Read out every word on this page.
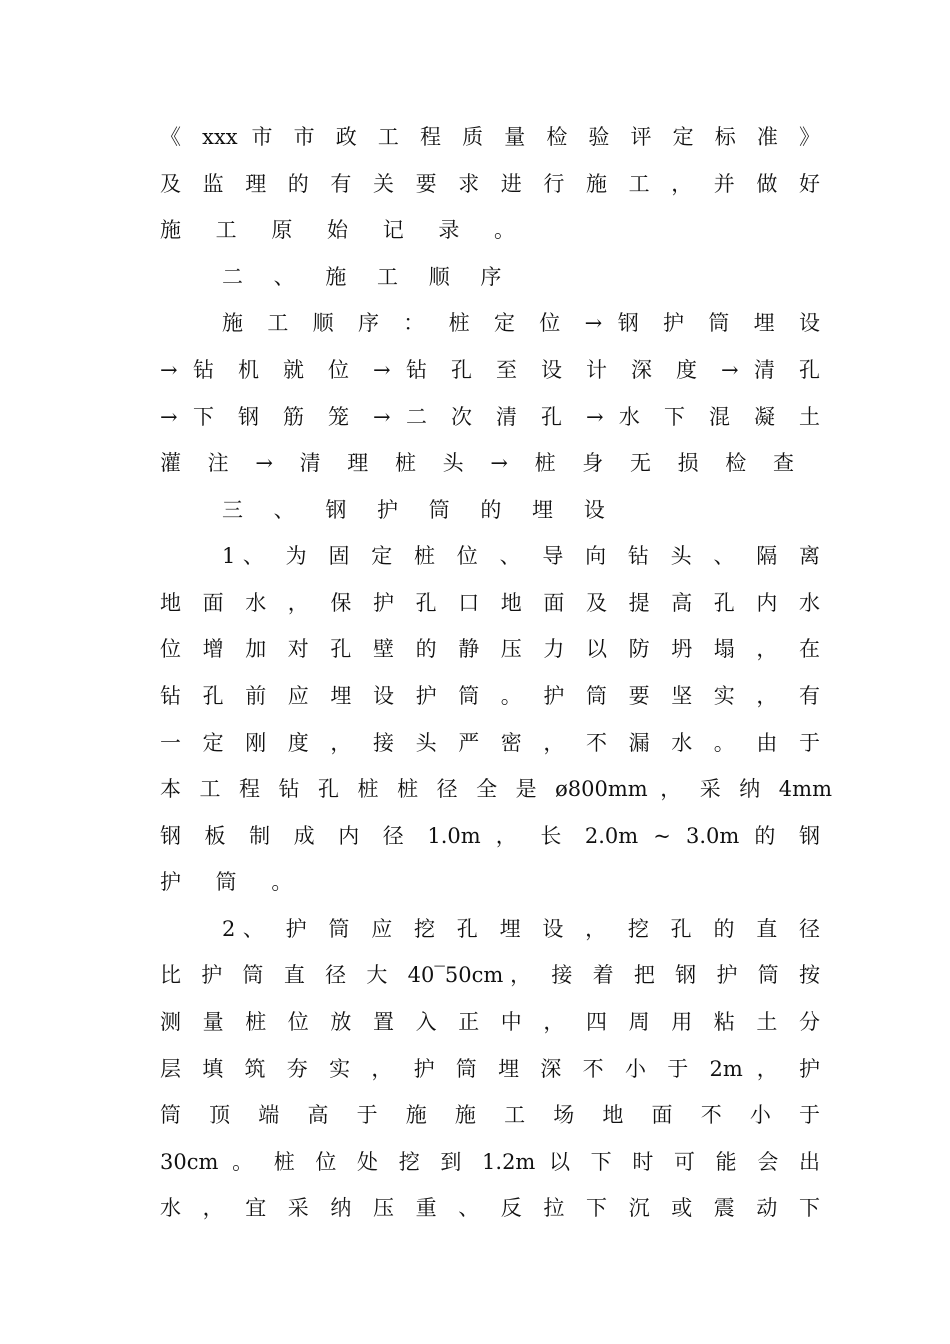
《 xxx 市 市 政 工 程 质 量 检 验 评 定 标 准 》
及 监 理 的 有 关 要 求 进 行 施 工 ， 并 做 好
施 工 原 始 记 录 。
二 、 施 工 顺 序
施 工 顺 序 ： 桩 定 位 → 钢 护 筒 埋 设
→ 钻 机 就 位 → 钻 孔 至 设 计 深 度 → 清 孔
→ 下 钢 筋 笼 → 二 次 清 孔 → 水 下 混 凝 土
灌 注 → 清 理 桩 头 → 桩 身 无 损 检 查
三 、 钢 护 筒 的 埋 设
1、 为 固 定 桩 位 、 导 向 钻 头 、 隔 离
地 面 水 ， 保 护 孔 口 地 面 及 提 高 孔 内 水
位 增 加 对 孔 壁 的 静 压 力 以 防 坍 塌 ， 在
钻 孔 前 应 埋 设 护 筒 。 护 筒 要 坚 实 ， 有
一 定 刚 度 ， 接 头 严 密 ， 不 漏 水 。 由 于
本 工 程 钻 孔 桩 桩 径 全 是 ø800mm ， 采 纳 4mm
钢 板 制 成 内 径 1.0m ， 长 2.0m ~ 3.0m 的 钢
护 筒 。
2、 护 筒 应 挖 孔 埋 设 ， 挖 孔 的 直 径
比 护 筒 直 径 大 40‾50cm， 接 着 把 钢 护 筒 按
测 量 桩 位 放 置 入 正 中 ， 四 周 用 粘 土 分
层 填 筑 夯 实 ， 护 筒 埋 深 不 小 于 2m ， 护
筒 顶 端 高 于 施 施 工 场 地 面 不 小 于
30cm 。 桩 位 处 挖 到 1.2m 以 下 时 可 能 会 出
水 ， 宜 采 纳 压 重 、 反 拉 下 沉 或 震 动 下
